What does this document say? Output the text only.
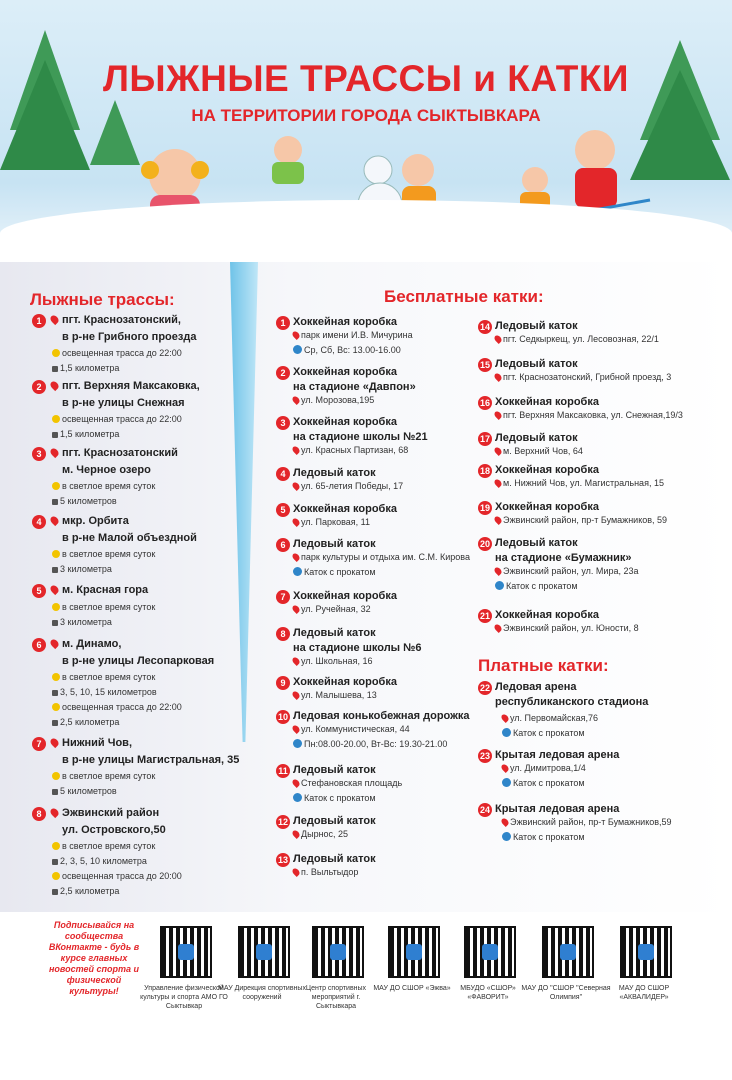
ЛЫЖНЫЕ ТРАССЫ и КАТКИ
НА ТЕРРИТОРИИ ГОРОДА СЫКТЫВКАРА
Лыжные трассы:
1	пгт. Краснозатонский,
в р-не Грибного проезда
освещенная трасса до 22:00
1,5 километра
2	пгт. Верхняя Максаковка,
в р-не улицы Снежная
освещенная трасса до 22:00
1,5 километра
3	пгт. Краснозатонский
м. Черное озеро
в светлое время суток
5 километров
4	мкр. Орбита
в р-не Малой объездной
в светлое время суток
3 километра
5	м. Красная гора
в светлое время суток
3 километра
6	м. Динамо,
в р-не улицы Лесопарковая
в светлое время суток
3, 5, 10, 15 километров
освещенная трасса до 22:00
2,5 километра
7	Нижний Чов,
в р-не улицы Магистральная, 35
в светлое время суток
5 километров
8	Эжвинский район
ул. Островского,50
в светлое время суток
2, 3, 5, 10 километра
освещенная трасса до 20:00
2,5 километра
Бесплатные катки:
1 Хоккейная коробка
парк имени И.В. Мичурина
Ср, Сб, Вс: 13.00-16.00
2 Хоккейная коробка
на стадионе «Давпон»
ул. Морозова,195
3 Хоккейная коробка
на стадионе школы №21
ул. Красных Партизан, 68
4 Ледовый каток
ул. 65-летия Победы, 17
5 Хоккейная коробка
ул. Парковая, 11
6 Ледовый каток
парк культуры и отдыха им. С.М. Кирова
Каток с прокатом
7 Хоккейная коробка
ул. Ручейная, 32
8 Ледовый каток
на стадионе школы №6
ул. Школьная, 16
9 Хоккейная коробка
ул. Малышева, 13
10 Ледовая конькобежная дорожка
ул. Коммунистическая, 44
Пн:08.00-20.00, Вт-Вс: 19.30-21.00
11 Ледовый каток
Стефановская площадь
Каток с прокатом
12 Ледовый каток
Дырнос, 25
13 Ледовый каток
п. Выльтыдор
14 Ледовый каток
пгт. Седкыркещ, ул. Лесовозная, 22/1
15 Ледовый каток
пгт. Краснозатонский, Грибной проезд, 3
16 Хоккейная коробка
пгт. Верхняя Максаковка, ул. Снежная,19/3
17 Ледовый каток
м. Верхний Чов, 64
18 Хоккейная коробка
м. Нижний Чов, ул. Магистральная, 15
19 Хоккейная коробка
Эжвинский район, пр-т Бумажников, 59
20 Ледовый каток
на стадионе «Бумажник»
Эжвинский район, ул. Мира, 23а
Каток с прокатом
21 Хоккейная коробка
Эжвинский район, ул. Юности, 8
Платные катки:
22 Ледовая арена
республиканского стадиона
ул. Первомайская,76
Каток с прокатом
23 Крытая ледовая арена
ул. Димитрова,1/4
Каток с прокатом
24 Крытая ледовая арена
Эжвинский район, пр-т Бумажников,59
Каток с прокатом
Подписывайся на сообщества ВКонтакте - будь в курсе главных новостей спорта и физической культуры!	Управление физической культуры и спорта АМО ГО Сыктывкар
МАУ Дирекция спортивных сооружений
Центр спортивных мероприятий г. Сыктывкара
МАУ ДО СШОР «Эжва»	МБУДО «СШОР» «ФАВОРИТ»
МАУ ДО "СШОР "Северная Олимпия"
МАУ ДО СШОР «АКВАЛИДЕР»
